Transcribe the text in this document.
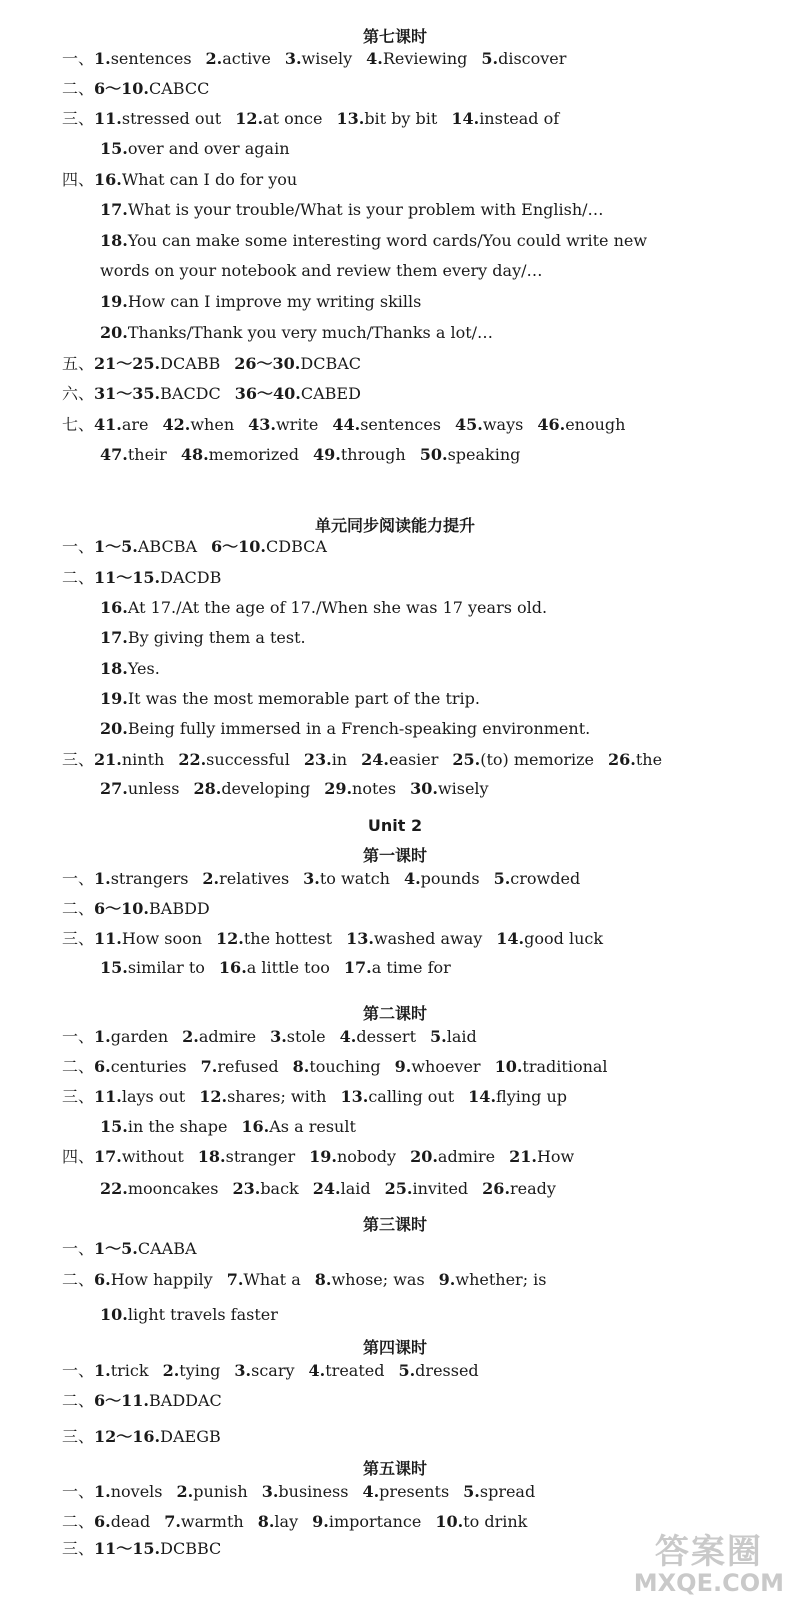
第七课时
一、1.sentences 2.active 3.wisely 4.Reviewing 5.discover
二、6～10.CABCC
三、11.stressed out 12.at once 13.bit by bit 14.instead of
15.over and over again
四、16.What can I do for you
17.What is your trouble/What is your problem with English/…
18.You can make some interesting word cards/You could write new
words on your notebook and review them every day/…
19.How can I improve my writing skills
20.Thanks/Thank you very much/Thanks a lot/…
五、21～25.DCABB 26～30.DCBAC
六、31～35.BACDC 36～40.CABED
七、41.are 42.when 43.write 44.sentences 45.ways 46.enough
47.their 48.memorized 49.through 50.speaking
单元同步阅读能力提升
一、1～5.ABCBA 6～10.CDBCA
二、11～15.DACDB
16.At 17./At the age of 17./When she was 17 years old.
17.By giving them a test.
18.Yes.
19.It was the most memorable part of the trip.
20.Being fully immersed in a French-speaking environment.
三、21.ninth 22.successful 23.in 24.easier 25.(to) memorize 26.the
27.unless 28.developing 29.notes 30.wisely
Unit 2
第一课时
一、1.strangers 2.relatives 3.to watch 4.pounds 5.crowded
二、6～10.BABDD
三、11.How soon 12.the hottest 13.washed away 14.good luck
15.similar to 16.a little too 17.a time for
第二课时
一、1.garden 2.admire 3.stole 4.dessert 5.laid
二、6.centuries 7.refused 8.touching 9.whoever 10.traditional
三、11.lays out 12.shares; with 13.calling out 14.flying up
15.in the shape 16.As a result
四、17.without 18.stranger 19.nobody 20.admire 21.How
22.mooncakes 23.back 24.laid 25.invited 26.ready
第三课时
一、1～5.CAABA
二、6.How happily 7.What a 8.whose; was 9.whether; is
10.light travels faster
第四课时
一、1.trick 2.tying 3.scary 4.treated 5.dressed
二、6～11.BADDAC
三、12～16.DAEGB
第五课时
一、1.novels 2.punish 3.business 4.presents 5.spread
二、6.dead 7.warmth 8.lay 9.importance 10.to drink
三、11～15.DCBBC	答案圈
MXQE.COM
